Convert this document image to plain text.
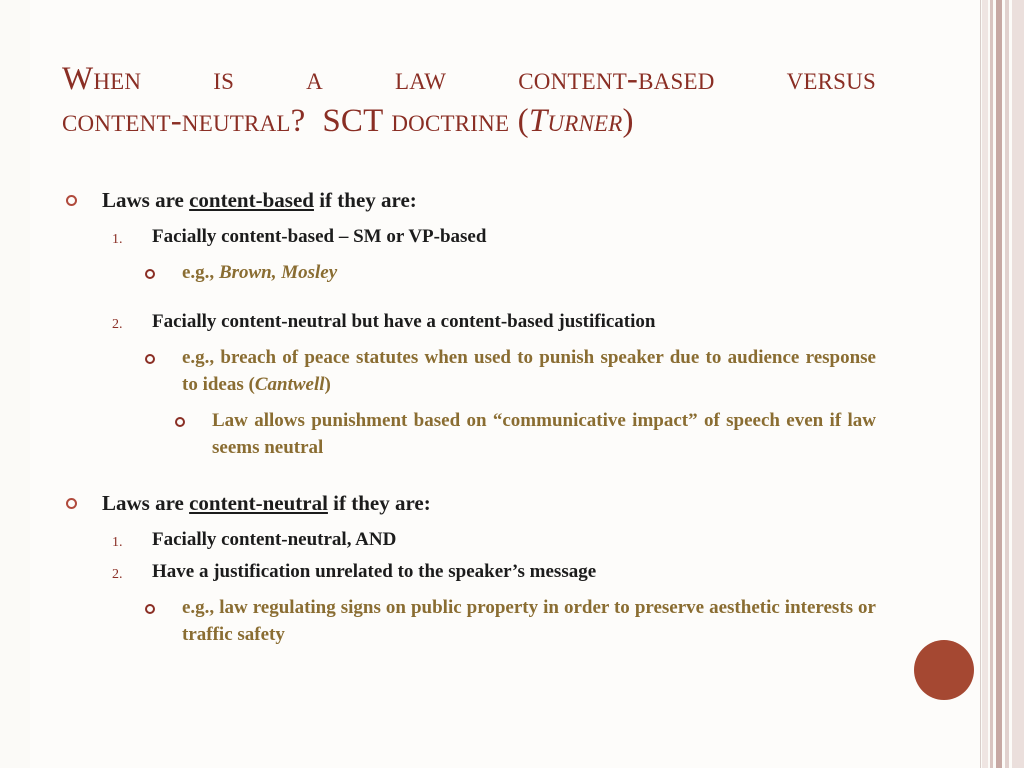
When is a law content-based versus
content-neutral?  SCT doctrine (Turner)
Laws are content-based if they are:
1. Facially content-based – SM or VP-based
e.g., Brown, Mosley
2. Facially content-neutral but have a content-based justification
e.g., breach of peace statutes when used to punish speaker due to audience response to ideas (Cantwell)
Law allows punishment based on “communicative impact” of speech even if law seems neutral
Laws are content-neutral if they are:
1. Facially content-neutral, AND
2. Have a justification unrelated to the speaker’s message
e.g., law regulating signs on public property in order to preserve aesthetic interests or traffic safety
